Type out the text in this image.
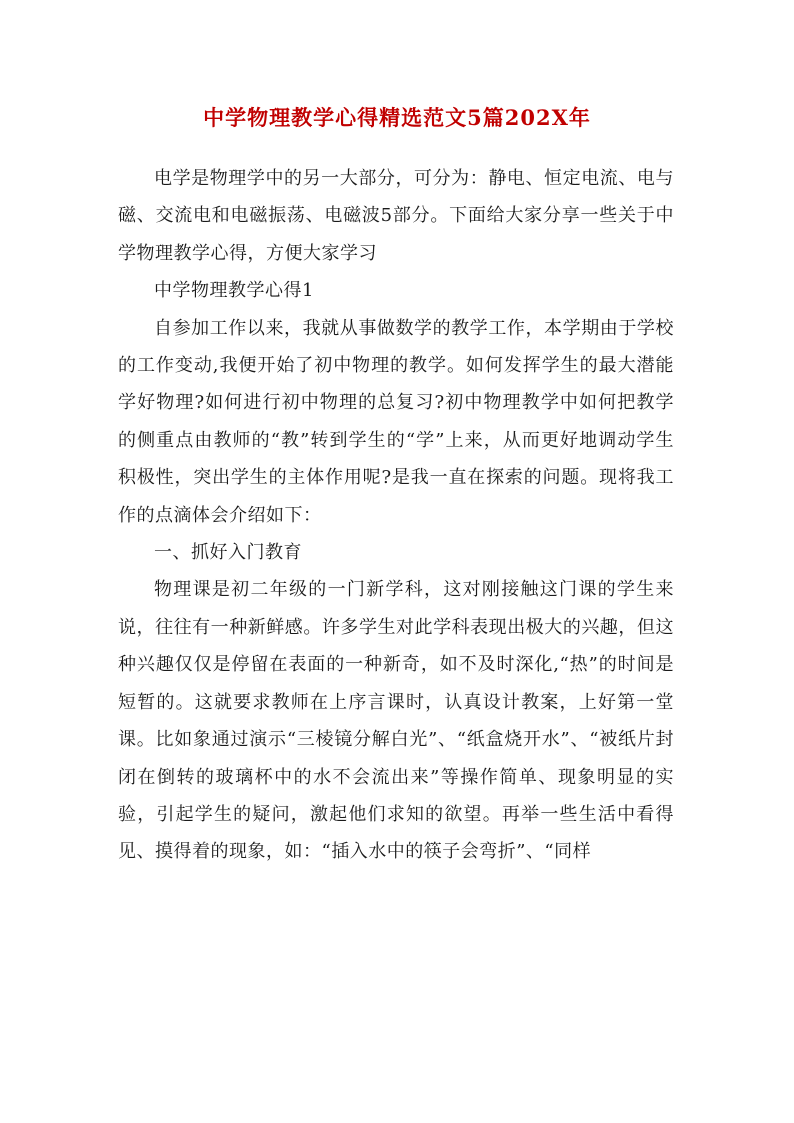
中学物理教学心得精选范文5篇202X年

电学是物理学中的另一大部分，可分为：静电、恒定电流、电与磁、交流电和电磁振荡、电磁波5部分。下面给大家分享一些关于中学物理教学心得，方便大家学习

中学物理教学心得1

自参加工作以来，我就从事做数学的教学工作，本学期由于学校的工作变动,我便开始了初中物理的教学。如何发挥学生的最大潜能学好物理?如何进行初中物理的总复习?初中物理教学中如何把教学的侧重点由教师的“教”转到学生的“学”上来，从而更好地调动学生积极性，突出学生的主体作用呢?是我一直在探索的问题。现将我工作的点滴体会介绍如下：

一、抓好入门教育

物理课是初二年级的一门新学科，这对刚接触这门课的学生来说，往往有一种新鲜感。许多学生对此学科表现出极大的兴趣，但这种兴趣仅仅是停留在表面的一种新奇，如不及时深化,“热”的时间是短暂的。这就要求教师在上序言课时，认真设计教案，上好第一堂课。比如象通过演示“三棱镜分解白光”、“纸盒烧开水”、“被纸片封闭在倒转的玻璃杯中的水不会流出来”等操作简单、现象明显的实验，引起学生的疑问，激起他们求知的欲望。再举一些生活中看得见、摸得着的现象，如：“插入水中的筷子会弯折”、“同样
